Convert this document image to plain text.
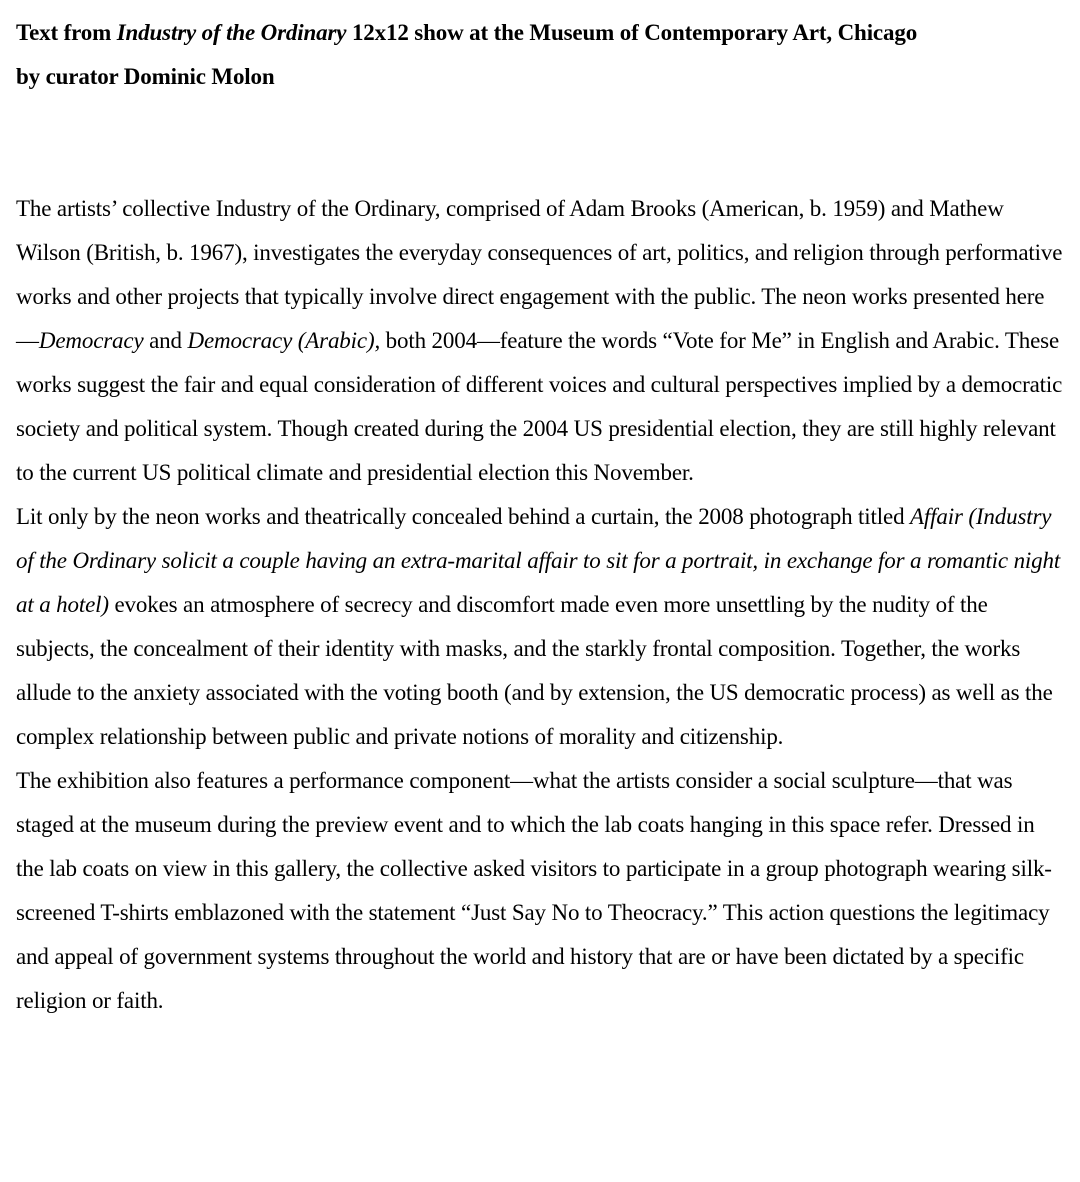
Text from Industry of the Ordinary 12x12 show at the Museum of Contemporary Art, Chicago
by curator Dominic Molon

The artists’ collective Industry of the Ordinary, comprised of Adam Brooks (American, b. 1959) and Mathew Wilson (British, b. 1967), investigates the everyday consequences of art, politics, and religion through performative works and other projects that typically involve direct engagement with the public. The neon works presented here—Democracy and Democracy (Arabic), both 2004—feature the words “Vote for Me” in English and Arabic. These works suggest the fair and equal consideration of different voices and cultural perspectives implied by a democratic society and political system. Though created during the 2004 US presidential election, they are still highly relevant to the current US political climate and presidential election this November.

Lit only by the neon works and theatrically concealed behind a curtain, the 2008 photograph titled Affair (Industry of the Ordinary solicit a couple having an extra-marital affair to sit for a portrait, in exchange for a romantic night at a hotel) evokes an atmosphere of secrecy and discomfort made even more unsettling by the nudity of the subjects, the concealment of their identity with masks, and the starkly frontal composition. Together, the works allude to the anxiety associated with the voting booth (and by extension, the US democratic process) as well as the complex relationship between public and private notions of morality and citizenship.

The exhibition also features a performance component—what the artists consider a social sculpture—that was staged at the museum during the preview event and to which the lab coats hanging in this space refer. Dressed in the lab coats on view in this gallery, the collective asked visitors to participate in a group photograph wearing silk-screened T-shirts emblazoned with the statement “Just Say No to Theocracy.” This action questions the legitimacy and appeal of government systems throughout the world and history that are or have been dictated by a specific religion or faith.
